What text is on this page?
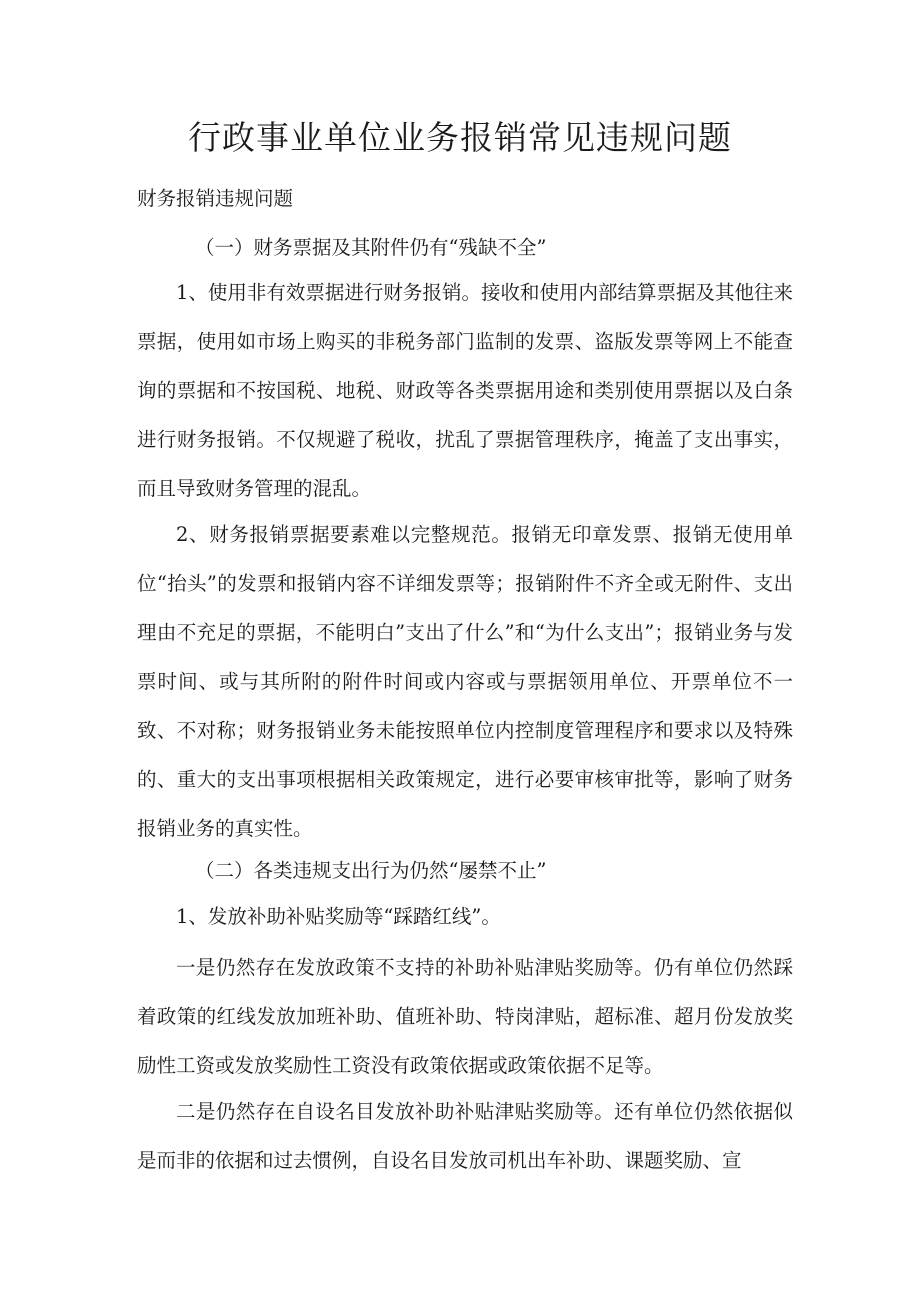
行政事业单位业务报销常见违规问题

财务报销违规问题

（一）财务票据及其附件仍有“残缺不全”

1、使用非有效票据进行财务报销。接收和使用内部结算票据及其他往来票据，使用如市场上购买的非税务部门监制的发票、盗版发票等网上不能查询的票据和不按国税、地税、财政等各类票据用途和类别使用票据以及白条进行财务报销。不仅规避了税收，扰乱了票据管理秩序，掩盖了支出事实，而且导致财务管理的混乱。

2、财务报销票据要素难以完整规范。报销无印章发票、报销无使用单位“抬头”的发票和报销内容不详细发票等；报销附件不齐全或无附件、支出理由不充足的票据，不能明白”支出了什么”和“为什么支出”；报销业务与发票时间、或与其所附的附件时间或内容或与票据领用单位、开票单位不一致、不对称；财务报销业务未能按照单位内控制度管理程序和要求以及特殊的、重大的支出事项根据相关政策规定，进行必要审核审批等，影响了财务报销业务的真实性。

（二）各类违规支出行为仍然“屡禁不止”

1、发放补助补贴奖励等“踩踏红线”。

一是仍然存在发放政策不支持的补助补贴津贴奖励等。仍有单位仍然踩着政策的红线发放加班补助、值班补助、特岗津贴，超标准、超月份发放奖励性工资或发放奖励性工资没有政策依据或政策依据不足等。

二是仍然存在自设名目发放补助补贴津贴奖励等。还有单位仍然依据似是而非的依据和过去惯例，自设名目发放司机出车补助、课题奖励、宣
